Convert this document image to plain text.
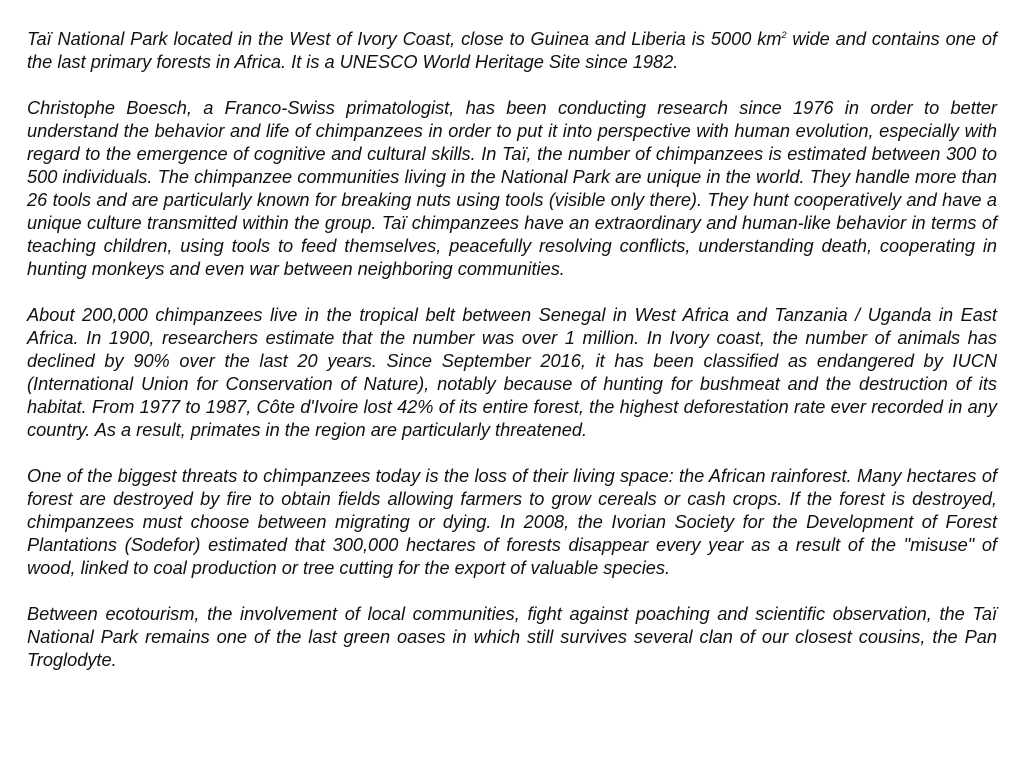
Taï National Park located in the West of Ivory Coast, close to Guinea and Liberia is 5000 $km^2$ wide and contains one of the last primary forests in Africa. It is a UNESCO World Heritage Site since 1982.

Christophe Boesch, a Franco-Swiss primatologist, has been conducting research since 1976 in order to better understand the behavior and life of chimpanzees in order to put it into perspective with human evolution, especially with regard to the emergence of cognitive and cultural skills. In Taï, the number of chimpanzees is estimated between 300 to 500 individuals. The chimpanzee communities living in the National Park are unique in the world. They handle more than 26 tools and are particularly known for breaking nuts using tools (visible only there). They hunt cooperatively and have a unique culture transmitted within the group. Taï chimpanzees have an extraordinary and human-like behavior in terms of teaching children, using tools to feed themselves, peacefully resolving conflicts, understanding death, cooperating in hunting monkeys and even war between neighboring communities.

About 200,000 chimpanzees live in the tropical belt between Senegal in West Africa and Tanzania / Uganda in East Africa. In 1900, researchers estimate that the number was over 1 million. In Ivory coast, the number of animals has declined by 90% over the last 20 years. Since September 2016, it has been classified as endangered by IUCN (International Union for Conservation of Nature), notably because of hunting for bushmeat and the destruction of its habitat. From 1977 to 1987, Côte d'Ivoire lost 42% of its entire forest, the highest deforestation rate ever recorded in any country. As a result, primates in the region are particularly threatened.

One of the biggest threats to chimpanzees today is the loss of their living space: the African rainforest. Many hectares of forest are destroyed by fire to obtain fields allowing farmers to grow cereals or cash crops. If the forest is destroyed, chimpanzees must choose between migrating or dying. In 2008, the Ivorian Society for the Development of Forest Plantations (Sodefor) estimated that 300,000 hectares of forests disappear every year as a result of the "misuse" of wood, linked to coal production or tree cutting for the export of valuable species.

Between ecotourism, the involvement of local communities, fight against poaching and scientific observation, the Taï National Park remains one of the last green oases in which still survives several clan of our closest cousins, the Pan Troglodyte.
